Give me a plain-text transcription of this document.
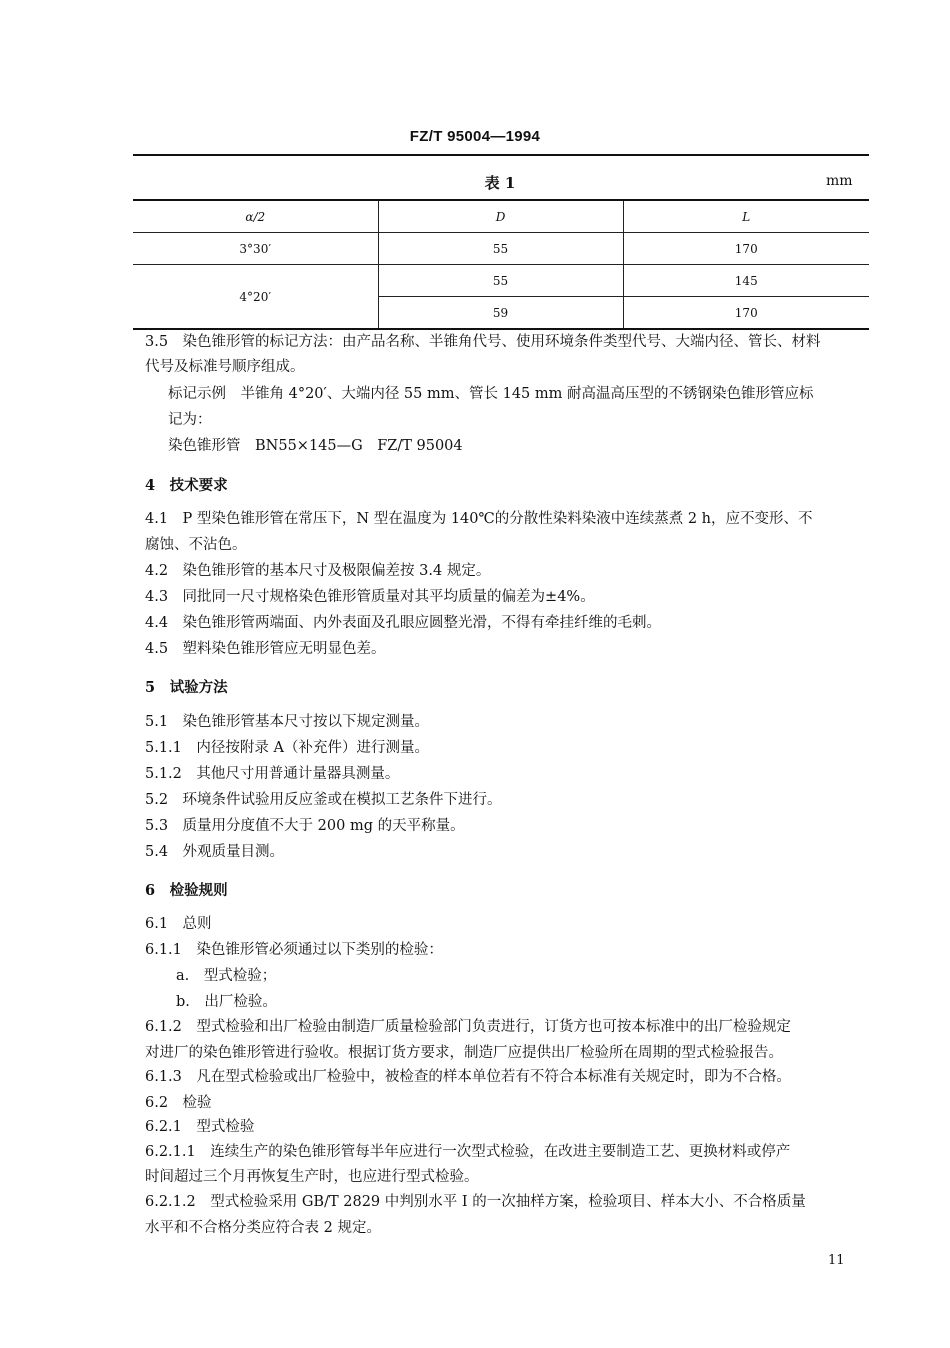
FZ/T 95004—1994
表 1	mm
α/2	D	L
3°30′	55	170
4°20′	55	145
	59	170
3.5　染色锥形管的标记方法：由产品名称、半锥角代号、使用环境条件类型代号、大端内径、管长、材料
代号及标准号顺序组成。
标记示例　半锥角 4°20′、大端内径 55 mm、管长 145 mm 耐高温高压型的不锈钢染色锥形管应标
记为：
染色锥形管　BN55×145—G　FZ/T 95004
4　技术要求
4.1　P 型染色锥形管在常压下，N 型在温度为 140℃的分散性染料染液中连续蒸煮 2 h，应不变形、不
腐蚀、不沾色。
4.2　染色锥形管的基本尺寸及极限偏差按 3.4 规定。
4.3　同批同一尺寸规格染色锥形管质量对其平均质量的偏差为±4%。
4.4　染色锥形管两端面、内外表面及孔眼应圆整光滑，不得有牵挂纤维的毛刺。
4.5　塑料染色锥形管应无明显色差。
5　试验方法
5.1　染色锥形管基本尺寸按以下规定测量。
5.1.1　内径按附录 A（补充件）进行测量。
5.1.2　其他尺寸用普通计量器具测量。
5.2　环境条件试验用反应釜或在模拟工艺条件下进行。
5.3　质量用分度值不大于 200 mg 的天平称量。
5.4　外观质量目测。
6　检验规则
6.1　总则
6.1.1　染色锥形管必须通过以下类别的检验：
a.　型式检验；
b.　出厂检验。
6.1.2　型式检验和出厂检验由制造厂质量检验部门负责进行，订货方也可按本标准中的出厂检验规定
对进厂的染色锥形管进行验收。根据订货方要求，制造厂应提供出厂检验所在周期的型式检验报告。
6.1.3　凡在型式检验或出厂检验中，被检查的样本单位若有不符合本标准有关规定时，即为不合格。
6.2　检验
6.2.1　型式检验
6.2.1.1　连续生产的染色锥形管每半年应进行一次型式检验，在改进主要制造工艺、更换材料或停产
时间超过三个月再恢复生产时，也应进行型式检验。
6.2.1.2　型式检验采用 GB/T 2829 中判别水平 Ⅰ 的一次抽样方案，检验项目、样本大小、不合格质量
水平和不合格分类应符合表 2 规定。
11
